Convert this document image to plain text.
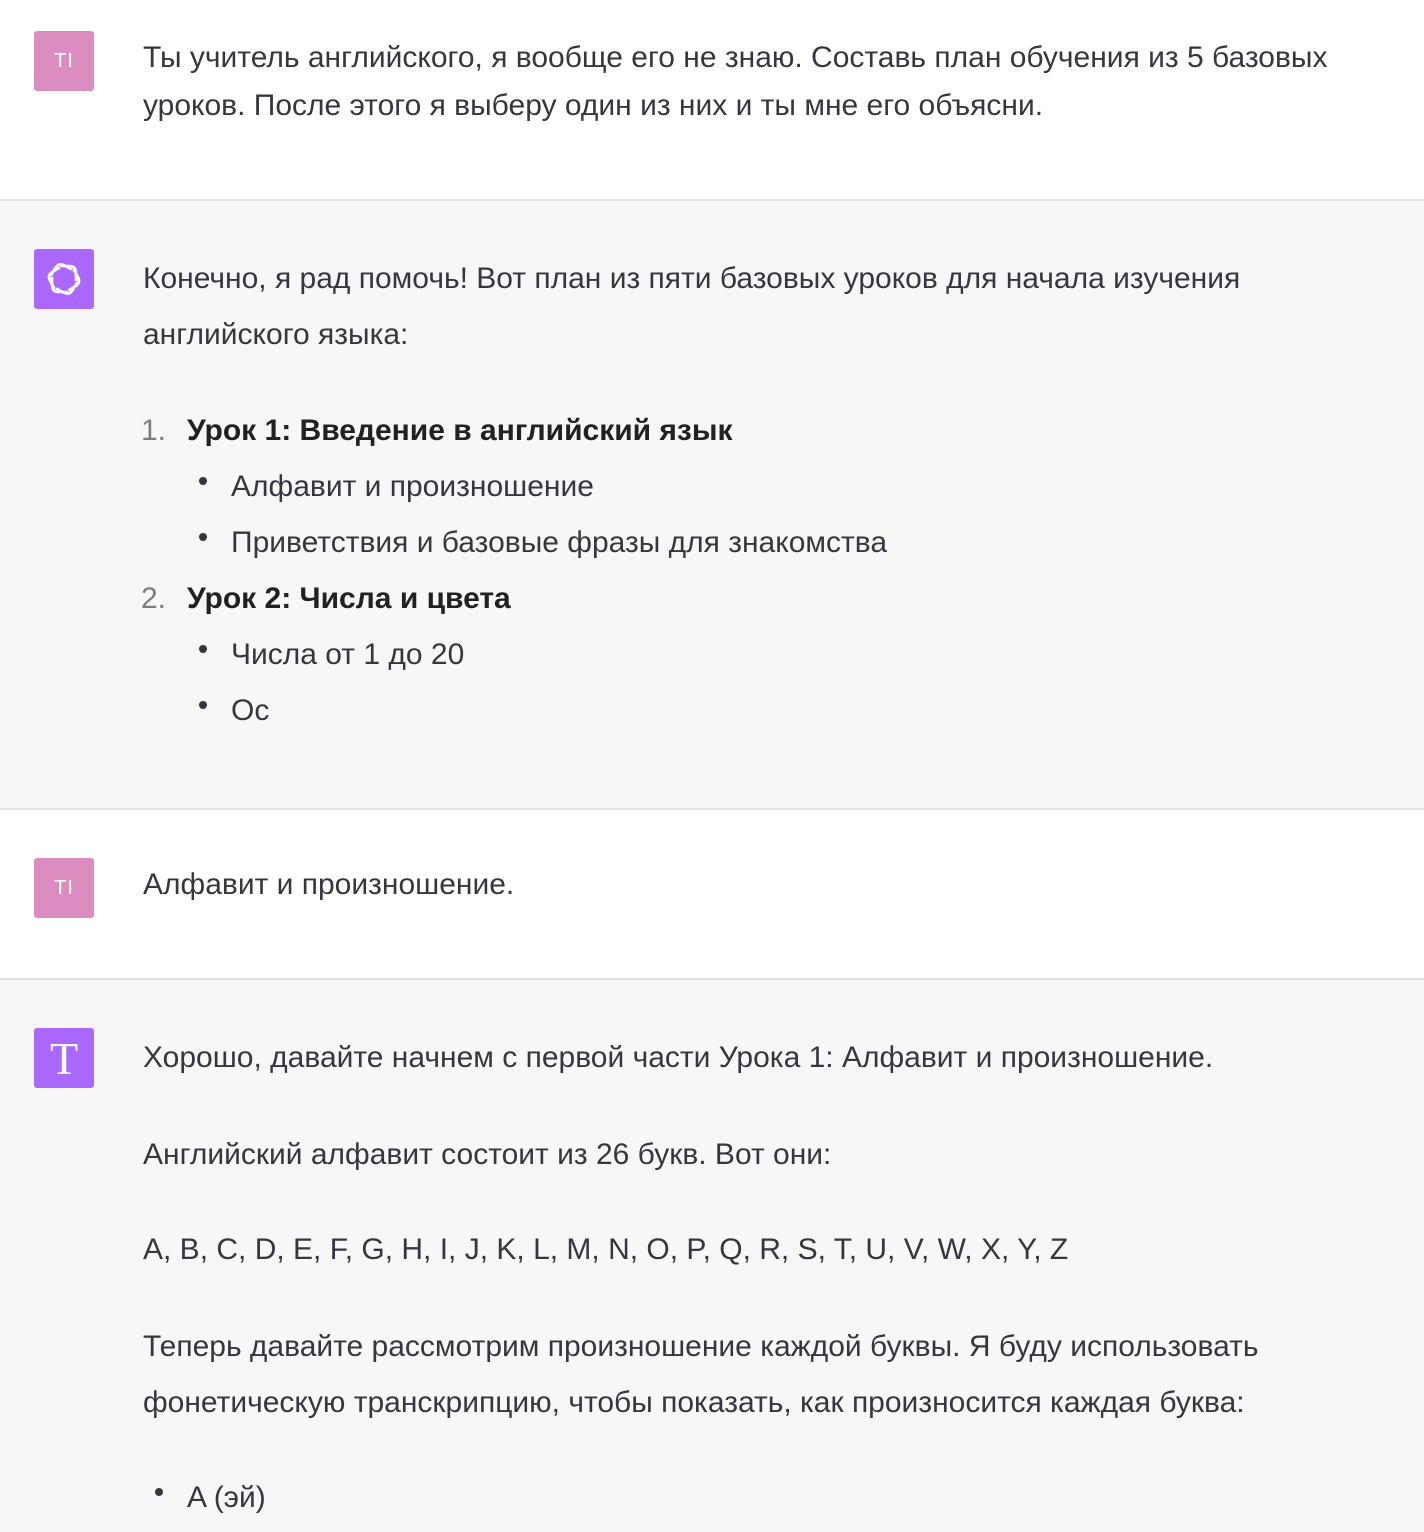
TI Ты учитель английского, я вообще его не знаю. Составь план обучения из 5 базовых уроков. После этого я выберу один из них и ты мне его объясни.

Конечно, я рад помочь! Вот план из пяти базовых уроков для начала изучения
английского языка:
1. Урок 1: Введение в английский язык
Алфавит и произношение
Приветствия и базовые фразы для знакомства
2. Урок 2: Числа и цвета
Числа от 1 до 20
Ос
TI Алфавит и произношение.
T Хорошо, давайте начнем с первой части Урока 1: Алфавит и произношение.
Английский алфавит состоит из 26 букв. Вот они:
A, B, C, D, E, F, G, H, I, J, K, L, M, N, O, P, Q, R, S, T, U, V, W, X, Y, Z
Теперь давайте рассмотрим произношение каждой буквы. Я буду использовать
фонетическую транскрипцию, чтобы показать, как произносится каждая буква:
A (эй)
